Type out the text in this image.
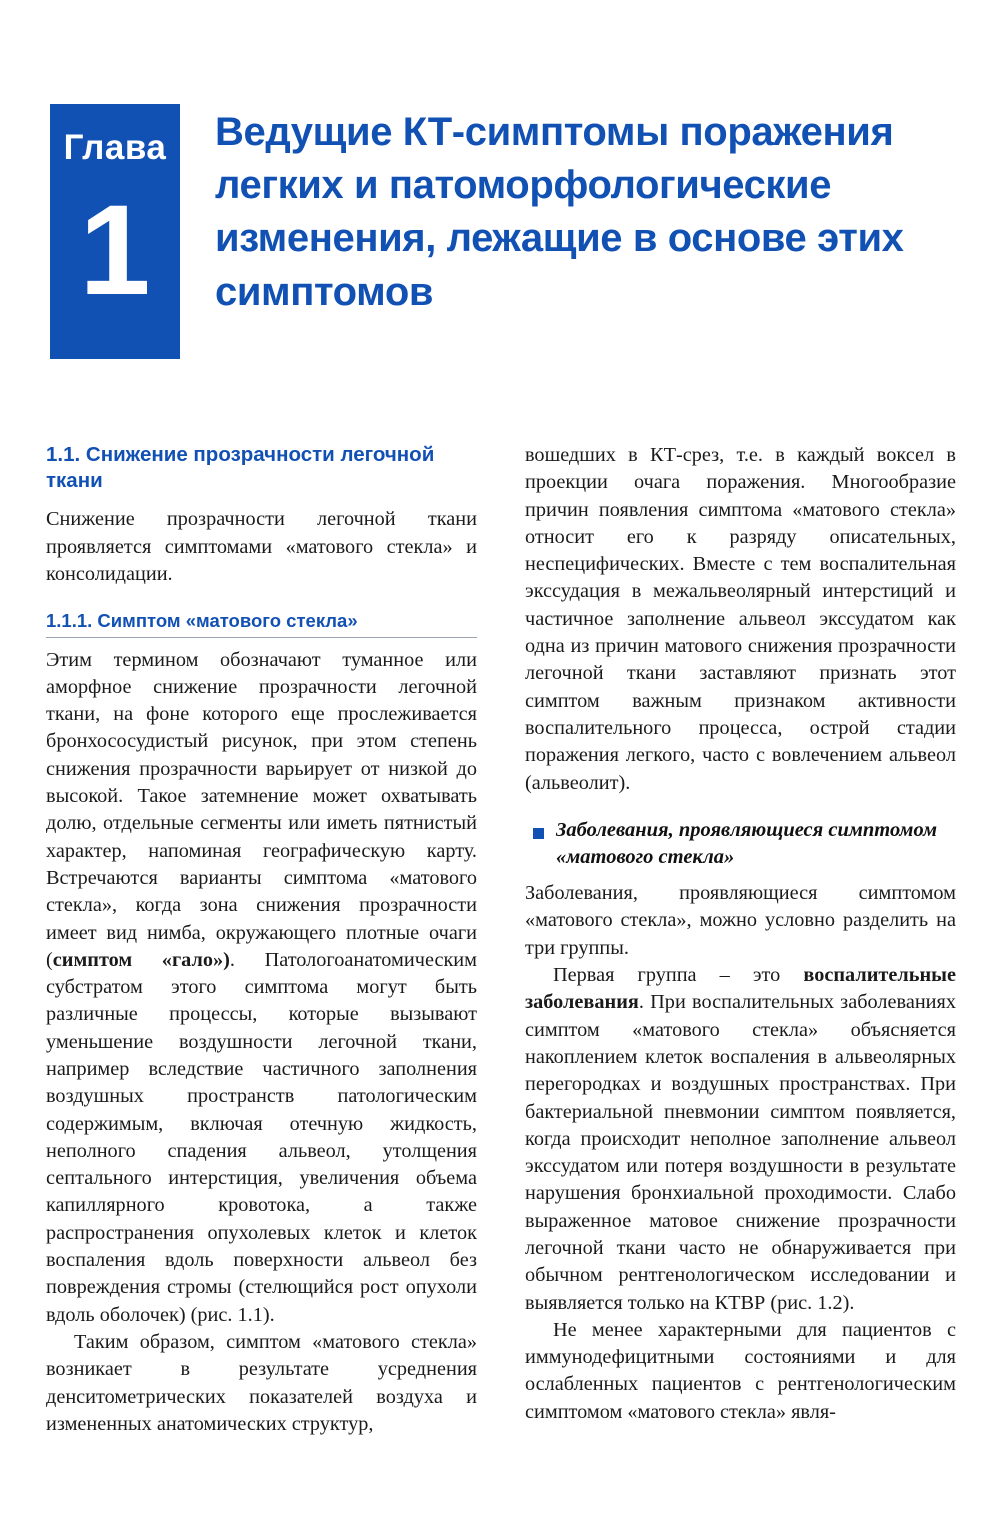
Глава
1
Ведущие КТ-симптомы поражения легких и патоморфологические изменения, лежащие в основе этих симптомов
1.1. Снижение прозрачности легочной ткани

Снижение прозрачности легочной ткани проявляется симптомами «матового стекла» и консолидации.

1.1.1. Симптом «матового стекла»

Этим термином обозначают туманное или аморфное снижение прозрачности легочной ткани, на фоне которого еще прослеживается бронхососудистый рисунок, при этом степень снижения прозрачности варьирует от низкой до высокой. Такое затемнение может охватывать долю, отдельные сегменты или иметь пятнистый характер, напоминая географическую карту. Встречаются варианты симптома «матового стекла», когда зона снижения прозрачности имеет вид нимба, окружающего плотные очаги (симптом «гало»). Патологоанатомическим субстратом этого симптома могут быть различные процессы, которые вызывают уменьшение воздушности легочной ткани, например вследствие частичного заполнения воздушных пространств патологическим содержимым, включая отечную жидкость, неполного спадения альвеол, утолщения септального интерстиция, увеличения объема капиллярного кровотока, а также распространения опухолевых клеток и клеток воспаления вдоль поверхности альвеол без повреждения стромы (стелющийся рост опухоли вдоль оболочек) (рис. 1.1).

Таким образом, симптом «матового стекла» возникает в результате усреднения денситометрических показателей воздуха и измененных анатомических структур,

вошедших в КТ-срез, т.е. в каждый воксел в проекции очага поражения. Многообразие причин появления симптома «матового стекла» относит его к разряду описательных, неспецифических. Вместе с тем воспалительная экссудация в межальвеолярный интерстиций и частичное заполнение альвеол экссудатом как одна из причин матового снижения прозрачности легочной ткани заставляют признать этот симптом важным признаком активности воспалительного процесса, острой стадии поражения легкого, часто с вовлечением альвеол (альвеолит).

Заболевания, проявляющиеся симптомом «матового стекла»

Заболевания, проявляющиеся симптомом «матового стекла», можно условно разделить на три группы.

Первая группа – это воспалительные заболевания. При воспалительных заболеваниях симптом «матового стекла» объясняется накоплением клеток воспаления в альвеолярных перегородках и воздушных пространствах. При бактериальной пневмонии симптом появляется, когда происходит неполное заполнение альвеол экссудатом или потеря воздушности в результате нарушения бронхиальной проходимости. Слабо выраженное матовое снижение прозрачности легочной ткани часто не обнаруживается при обычном рентгенологическом исследовании и выявляется только на КТВР (рис. 1.2).

Не менее характерными для пациентов с иммунодефицитными состояниями и для ослабленных пациентов с рентгенологическим симптомом «матового стекла» явля-
